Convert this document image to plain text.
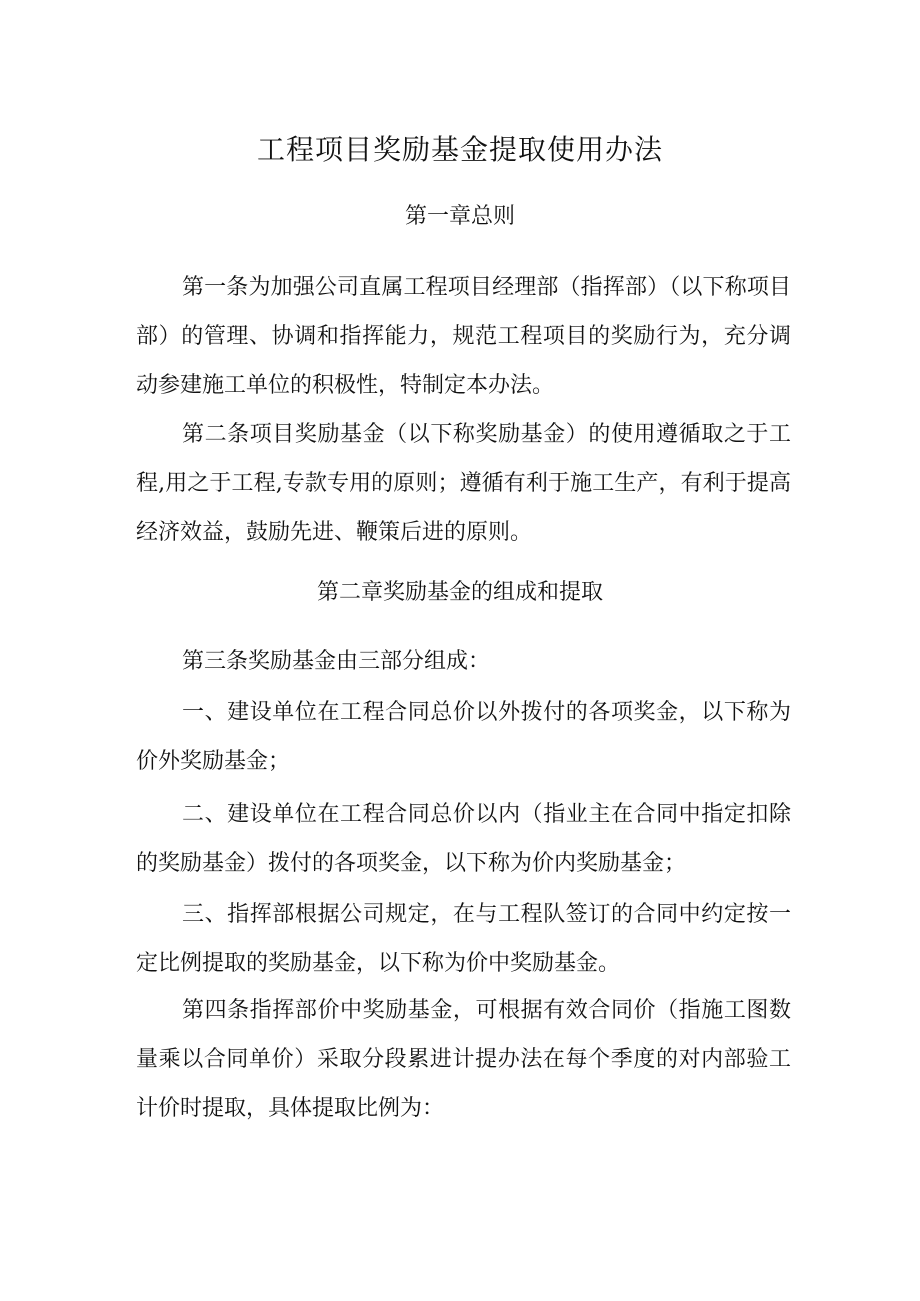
工程项目奖励基金提取使用办法
第一章总则

第一条为加强公司直属工程项目经理部（指挥部）（以下称项目部）的管理、协调和指挥能力，规范工程项目的奖励行为，充分调动参建施工单位的积极性，特制定本办法。

第二条项目奖励基金（以下称奖励基金）的使用遵循取之于工程,用之于工程,专款专用的原则；遵循有利于施工生产，有利于提高经济效益，鼓励先进、鞭策后进的原则。

第二章奖励基金的组成和提取

第三条奖励基金由三部分组成：

一、建设单位在工程合同总价以外拨付的各项奖金，以下称为价外奖励基金；

二、建设单位在工程合同总价以内（指业主在合同中指定扣除的奖励基金）拨付的各项奖金，以下称为价内奖励基金；

三、指挥部根据公司规定，在与工程队签订的合同中约定按一定比例提取的奖励基金，以下称为价中奖励基金。

第四条指挥部价中奖励基金，可根据有效合同价（指施工图数量乘以合同单价）采取分段累进计提办法在每个季度的对内部验工计价时提取，具体提取比例为：
